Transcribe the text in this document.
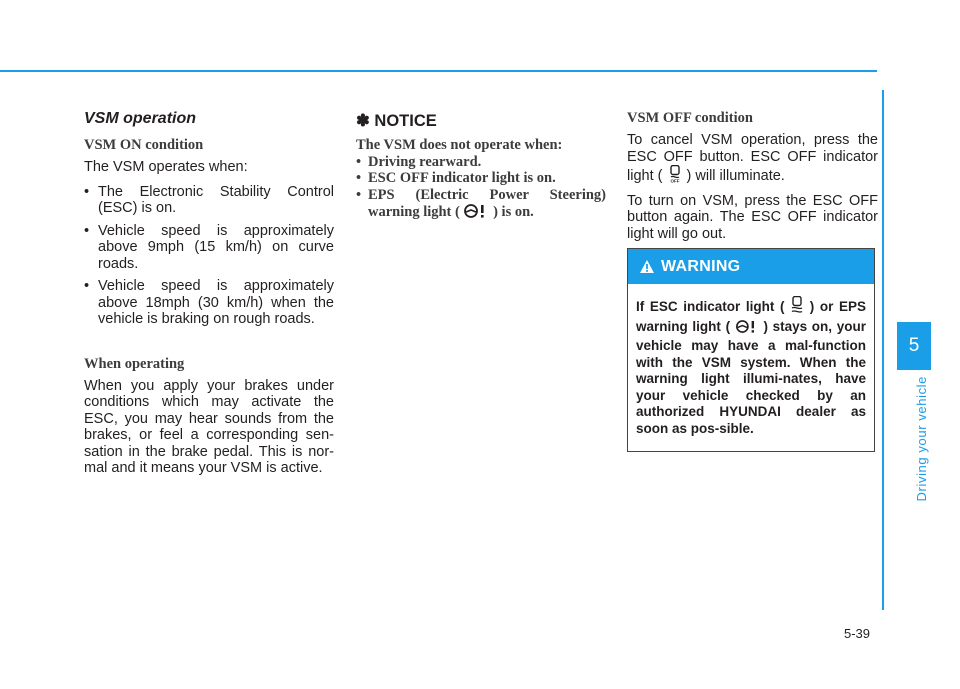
5
Driving your vehicle
VSM operation
VSM ON condition

The VSM operates when:

• The Electronic Stability Control (ESC) is on.
• Vehicle speed is approximately above 9mph (15 km/h) on curve roads.
• Vehicle speed is approximately above 18mph (30 km/h) when the vehicle is braking on rough roads.
When operating

When you apply your brakes under conditions which may activate the ESC, you may hear sounds from the brakes, or feel a corresponding sen-sation in the brake pedal. This is nor-mal and it means your VSM is active.

✽ NOTICE
The VSM does not operate when:
• Driving rearward.
• ESC OFF indicator light is on.
• EPS (Electric Power Steering) warning light ( ) is on.
VSM OFF condition

To cancel VSM operation, press the ESC OFF button. ESC OFF indicator light ( OFF ) will illuminate.

To turn on VSM, press the ESC OFF button again. The ESC OFF indicator light will go out.

WARNING
If ESC indicator light ( ) or EPS warning light ( ) stays on, your vehicle may have a mal-function with the VSM system. When the warning light illumi-nates, have your vehicle checked by an authorized HYUNDAI dealer as soon as pos-sible.
5-39
